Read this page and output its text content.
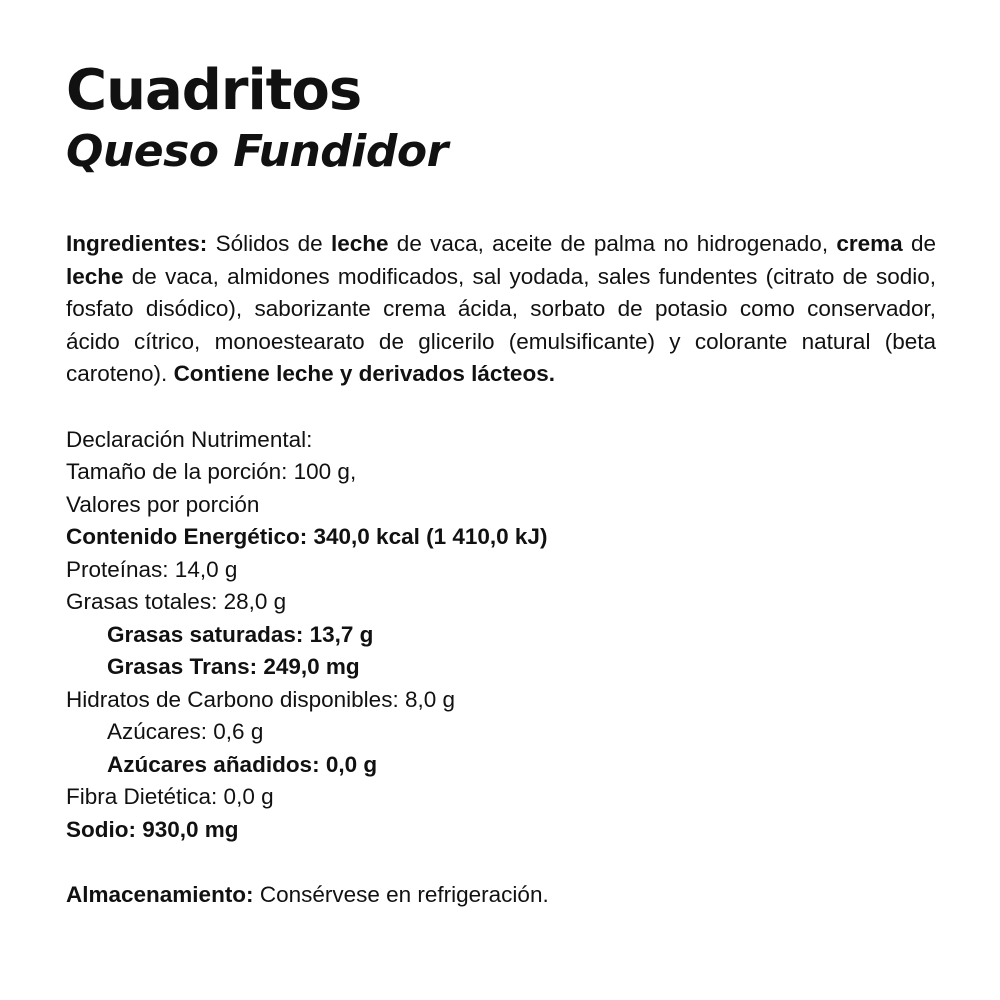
Cuadritos
Queso Fundidor

Ingredientes: Sólidos de leche de vaca, aceite de palma no hidrogenado, crema de leche de vaca, almidones modificados, sal yodada, sales fundentes (citrato de sodio, fosfato disódico), saborizante crema ácida, sorbato de potasio como conservador, ácido cítrico, monoestearato de glicerilo (emulsificante) y colorante natural (beta caroteno). Contiene leche y derivados lácteos.

Declaración Nutrimental:
Tamaño de la porción: 100 g,
Valores por porción
Contenido Energético: 340,0 kcal (1 410,0 kJ)
Proteínas: 14,0 g
Grasas totales: 28,0 g
Grasas saturadas: 13,7 g
Grasas Trans: 249,0 mg
Hidratos de Carbono disponibles: 8,0 g
Azúcares: 0,6 g
Azúcares añadidos: 0,0 g
Fibra Dietética: 0,0 g
Sodio: 930,0 mg
Almacenamiento: Consérvese en refrigeración.
